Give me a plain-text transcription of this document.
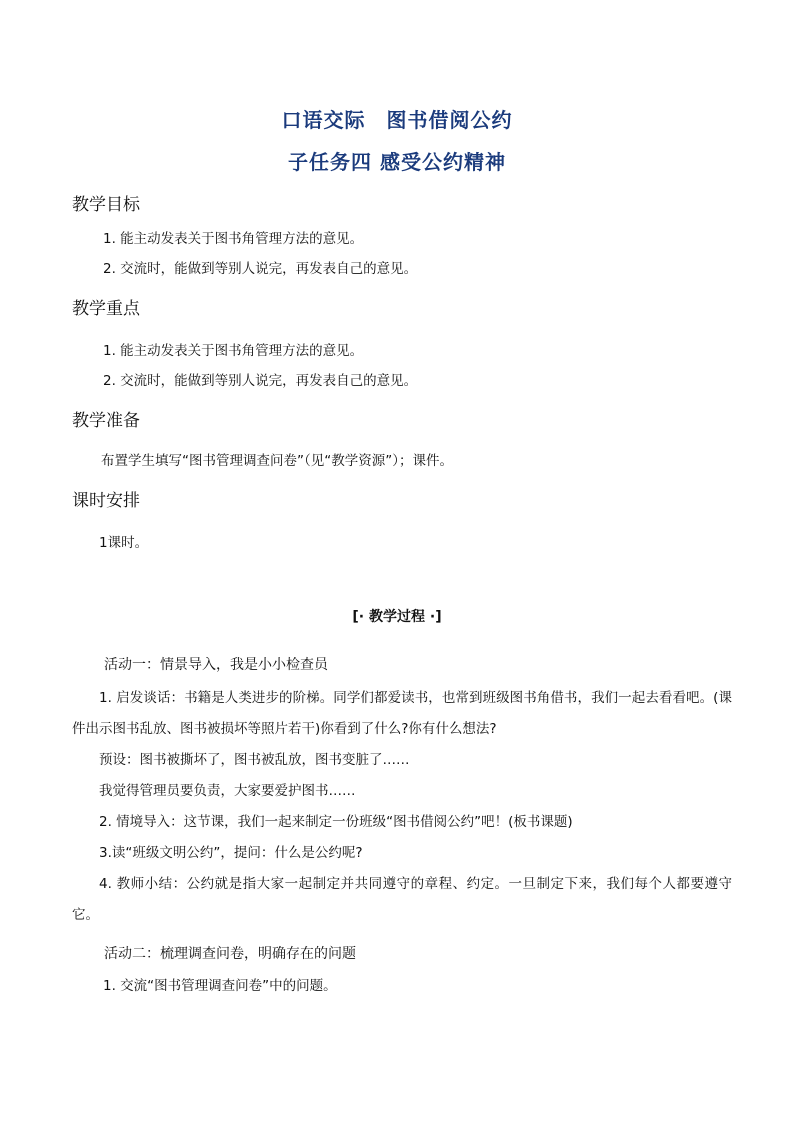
口语交际　图书借阅公约
子任务四 感受公约精神
教学目标
1. 能主动发表关于图书角管理方法的意见。
2. 交流时，能做到等别人说完，再发表自己的意见。
教学重点
1. 能主动发表关于图书角管理方法的意见。
2. 交流时，能做到等别人说完，再发表自己的意见。
教学准备
布置学生填写“图书管理调查问卷”（见“教学资源”）；课件。
课时安排
1课时。
[· 教学过程 ·]
活动一：情景导入，我是小小检查员
1. 启发谈话：书籍是人类进步的阶梯。同学们都爱读书，也常到班级图书角借书，我们一起去看看吧。(课件出示图书乱放、图书被损坏等照片若干)你看到了什么?你有什么想法?
预设：图书被撕坏了，图书被乱放，图书变脏了……
我觉得管理员要负责，大家要爱护图书……
2. 情境导入：这节课，我们一起来制定一份班级“图书借阅公约”吧！(板书课题)
3.读“班级文明公约”，提问：什么是公约呢?
4. 教师小结：公约就是指大家一起制定并共同遵守的章程、约定。一旦制定下来，我们每个人都要遵守它。
活动二：梳理调查问卷，明确存在的问题
1. 交流“图书管理调查问卷”中的问题。
